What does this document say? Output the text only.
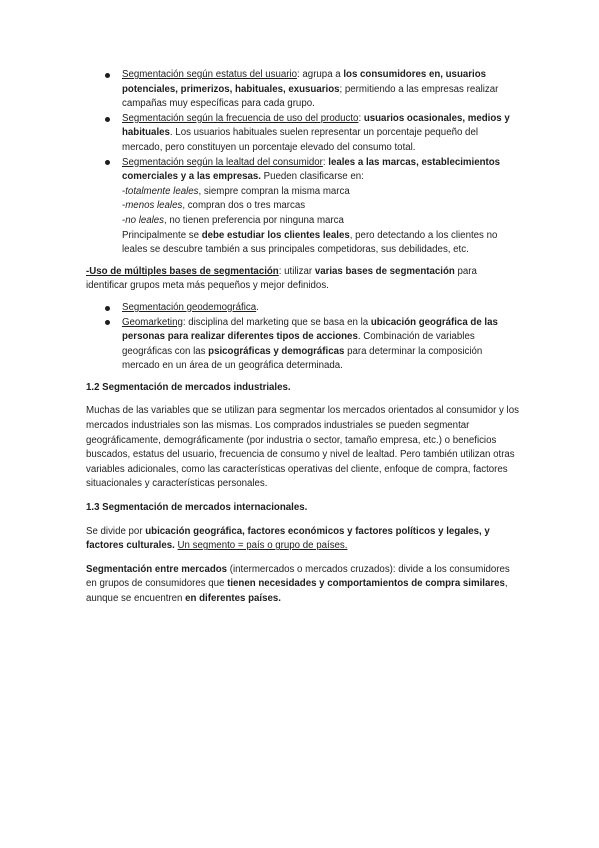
Segmentación según estatus del usuario: agrupa a los consumidores en, usuarios potenciales, primerizos, habituales, exusuarios; permitiendo a las empresas realizar campañas muy específicas para cada grupo.
Segmentación según la frecuencia de uso del producto: usuarios ocasionales, medios y habituales. Los usuarios habituales suelen representar un porcentaje pequeño del mercado, pero constituyen un porcentaje elevado del consumo total.
Segmentación según la lealtad del consumidor: leales a las marcas, establecimientos comerciales y a las empresas. Pueden clasificarse en:
-totalmente leales, siempre compran la misma marca
-menos leales, compran dos o tres marcas
-no leales, no tienen preferencia por ninguna marca
Principalmente se debe estudiar los clientes leales, pero detectando a los clientes no leales se descubre también a sus principales competidoras, sus debilidades, etc.

-Uso de múltiples bases de segmentación: utilizar varias bases de segmentación para identificar grupos meta más pequeños y mejor definidos.

Segmentación geodemográfica.
Geomarketing: disciplina del marketing que se basa en la ubicación geográfica de las personas para realizar diferentes tipos de acciones. Combinación de variables geográficas con las psicográficas y demográficas para determinar la composición mercado en un área de un geográfica determinada.

1.2 Segmentación de mercados industriales.

Muchas de las variables que se utilizan para segmentar los mercados orientados al consumidor y los mercados industriales son las mismas. Los comprados industriales se pueden segmentar geográficamente, demográficamente (por industria o sector, tamaño empresa, etc.) o beneficios buscados, estatus del usuario, frecuencia de consumo y nivel de lealtad. Pero también utilizan otras variables adicionales, como las características operativas del cliente, enfoque de compra, factores situacionales y características personales.

1.3 Segmentación de mercados internacionales.

Se divide por ubicación geográfica, factores económicos y factores políticos y legales, y factores culturales. Un segmento = país o grupo de países.

Segmentación entre mercados (intermercados o mercados cruzados): divide a los consumidores en grupos de consumidores que tienen necesidades y comportamientos de compra similares, aunque se encuentren en diferentes países.
